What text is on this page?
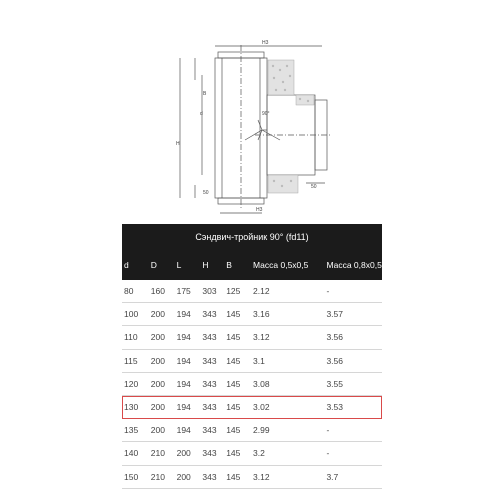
H3
d
H
B
90°
50
H3
50
Сэндвич-тройник 90° (fd11)
d	D	L	H	B	Масса 0,5х0,5	Масса 0,8х0,5
80	160	175	303	125	2.12	-
100	200	194	343	145	3.16	3.57
110	200	194	343	145	3.12	3.56
115	200	194	343	145	3.1	3.56
120	200	194	343	145	3.08	3.55
130	200	194	343	145	3.02	3.53
135	200	194	343	145	2.99	-
140	210	200	343	145	3.2	-
150	210	200	343	145	3.12	3.7
